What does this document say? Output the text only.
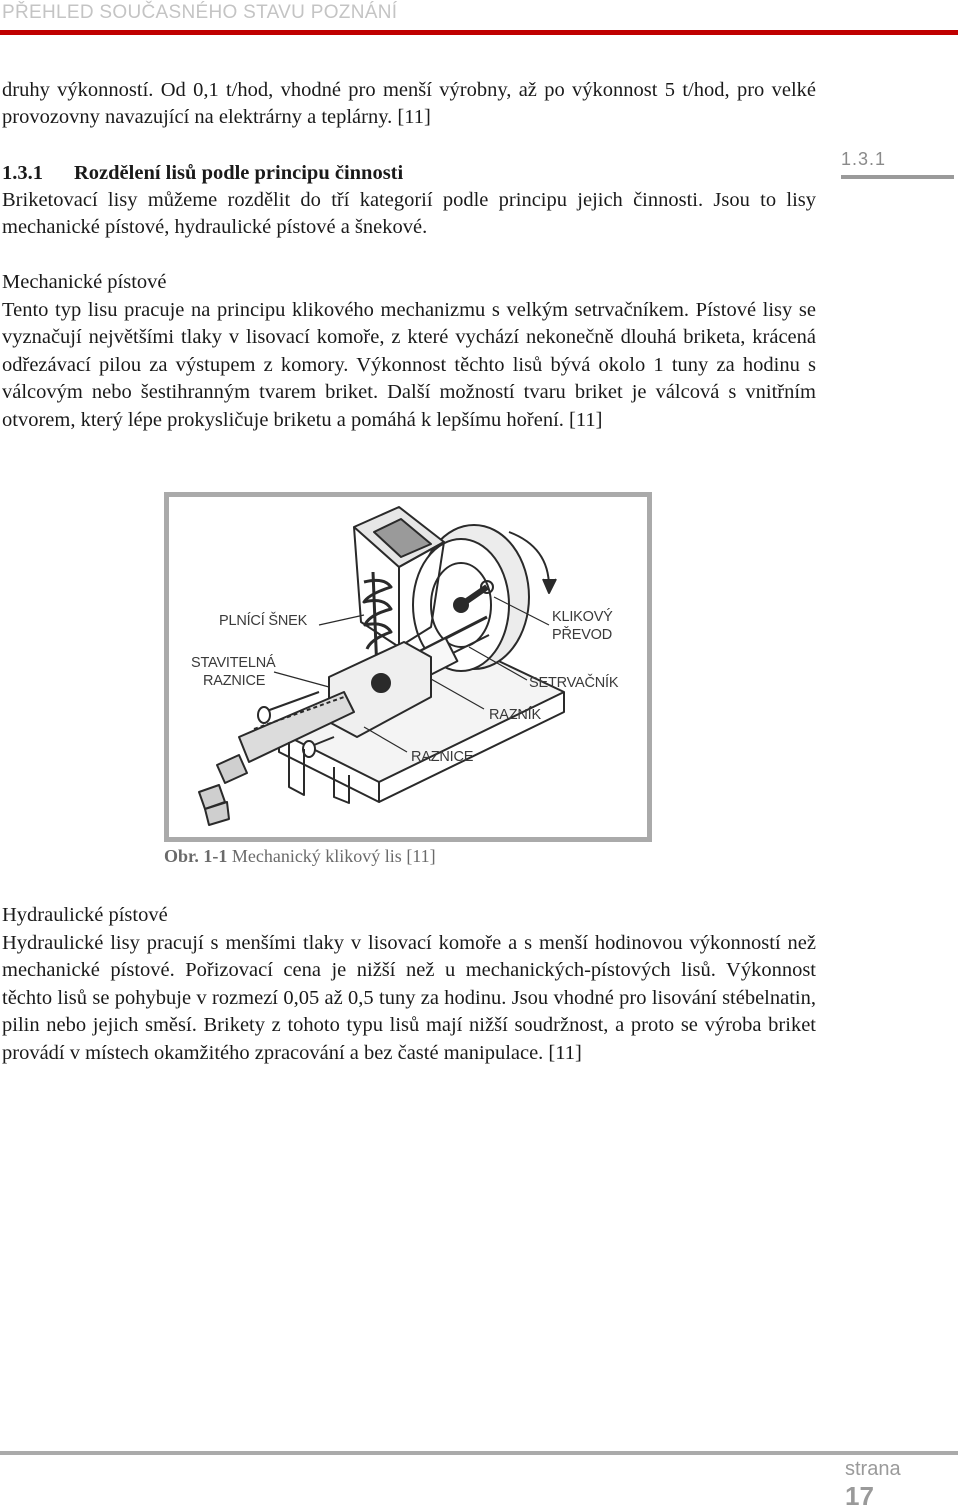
PŘEHLED SOUČASNÉHO STAVU POZNÁNÍ

druhy výkonností. Od 0,1 t/hod, vhodné pro menší výrobny, až po výkonnost 5 t/hod, pro velké provozovny navazující na elektrárny a teplárny. [11]

1.3.1 Rozdělení lisů podle principu činnosti
1.3.1

Briketovací lisy můžeme rozdělit do tří kategorií podle principu jejich činnosti. Jsou to lisy mechanické pístové, hydraulické pístové a šnekové.

Mechanické pístové

Tento typ lisu pracuje na principu klikového mechanizmu s velkým setrvačníkem. Pístové lisy se vyznačují největšími tlaky v lisovací komoře, z které vychází nekonečně dlouhá briketa, krácená odřezávací pilou za výstupem z komory. Výkonnost těchto lisů bývá okolo 1 tuny za hodinu s válcovým nebo šestihranným tvarem briket. Další možností tvaru briket je válcová s vnitřním otvorem, který lépe prokysličuje briketu a pomáhá k lepšímu hoření. [11]

PLNÍCÍ ŠNEK
STAVITELNÁ
RAZNICE
KLIKOVÝ
PŘEVOD
SETRVAČNÍK
RAZNÍK
RAZNICE

Obr. 1-1 Mechanický klikový lis [11]

Hydraulické pístové

Hydraulické lisy pracují s menšími tlaky v lisovací komoře a s menší hodinovou výkonností než mechanické pístové. Pořizovací cena je nižší než u mechanických-pístových lisů. Výkonnost těchto lisů se pohybuje v rozmezí 0,05 až 0,5 tuny za hodinu. Jsou vhodné pro lisování stébelnatin, pilin nebo jejich směsí. Brikety z tohoto typu lisů mají nižší soudržnost, a proto se výroba briket provádí v místech okamžitého zpracování a bez časté manipulace. [11]

strana
17
